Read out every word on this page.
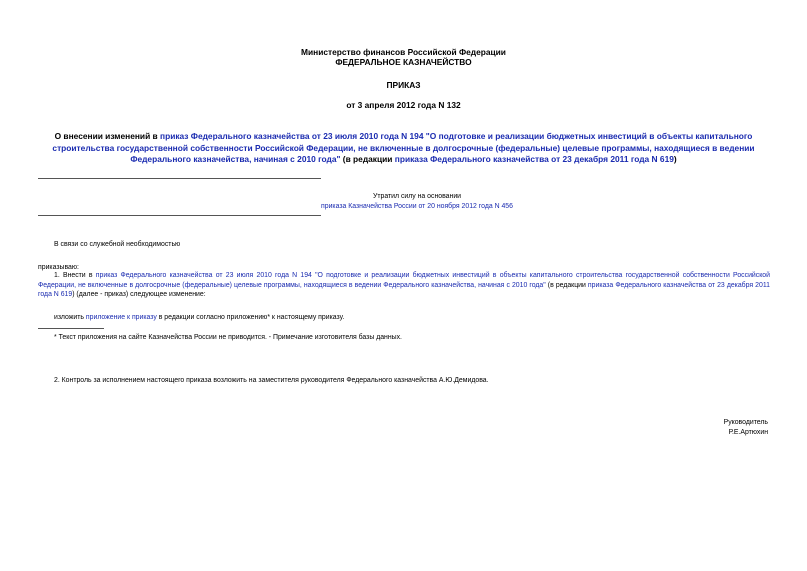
Министерство финансов Российской Федерации
ФЕДЕРАЛЬНОЕ КАЗНАЧЕЙСТВО
ПРИКАЗ
от 3 апреля 2012 года N 132
О внесении изменений в приказ Федерального казначейства от 23 июля 2010 года N 194 "О подготовке и реализации бюджетных инвестиций в объекты капитального строительства государственной собственности Российской Федерации, не включенные в долгосрочные (федеральные) целевые программы, находящиеся в ведении Федерального казначейства, начиная с 2010 года" (в редакции приказа Федерального казначейства от 23 декабря 2011 года N 619)
Утратил силу на основании
приказа Казначейства России от 20 ноября 2012 года N 456
В связи со служебной необходимостью
приказываю:
1. Внести в приказ Федерального казначейства от 23 июля 2010 года N 194 "О подготовке и реализации бюджетных инвестиций в объекты капитального строительства государственной собственности Российской Федерации, не включенные в долгосрочные (федеральные) целевые программы, находящиеся в ведении Федерального казначейства, начиная с 2010 года" (в редакции приказа Федерального казначейства от 23 декабря 2011 года N 619) (далее - приказ) следующее изменение:
изложить приложение к приказу в редакции согласно приложению* к настоящему приказу.
* Текст приложения на сайте Казначейства России не приводится. - Примечание изготовителя базы данных.
2. Контроль за исполнением настоящего приказа возложить на заместителя руководителя Федерального казначейства А.Ю.Демидова.
Руководитель
Р.Е.Артюхин
